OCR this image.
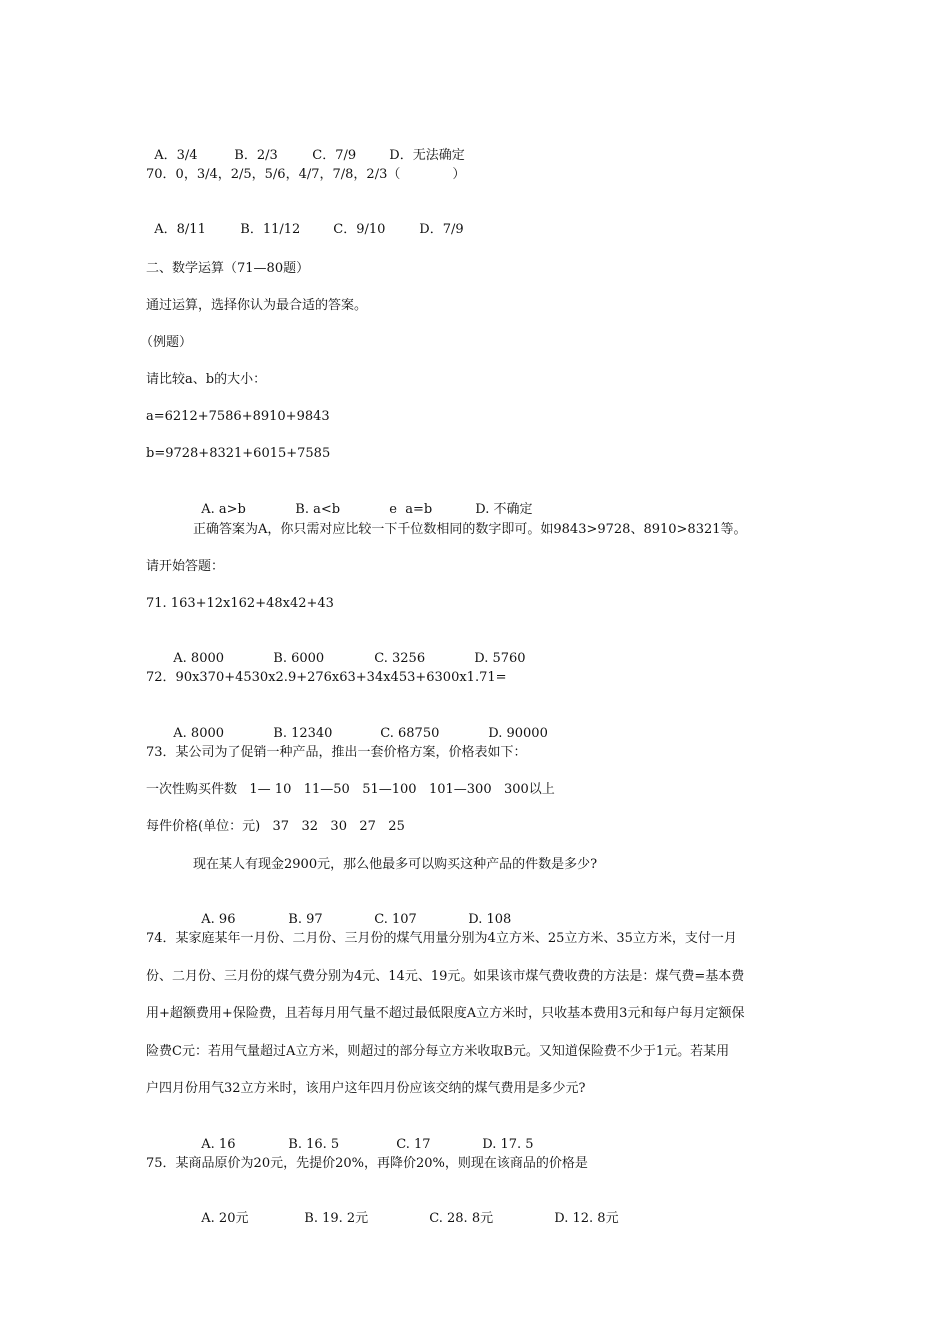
A．3/4	B．2/3	C．7/9	D．无法确定

70．0，3/4，2/5，5/6，4/7，7/8，2/3（　　　　）

A．8/11	B．11/12	C．9/10	D．7/9

二、数学运算（71—80题）
通过运算，选择你认为最合适的答案。
（例题）
请比较a、b的大小：
a=6212+7586+8910+9843
b=9728+8321+6015+7585

A. a>b	B. a<b	e  a=b	D. 不确定

正确答案为A，你只需对应比较一下千位数相同的数字即可。如9843>9728、8910>8321等。
请开始答题：
71. 163+12x162+48x42+43

A. 8000	B. 6000	C. 3256	D. 5760

72．90x370+4530x2.9+276x63+34x453+6300x1.71=

A. 8000	B. 12340	C. 68750	D. 90000

73．某公司为了促销一种产品，推出一套价格方案，价格表如下：
一次性购买件数   1— 10   11—50   51—100   101—300   300以上
每件价格(单位：元)   37   32   30   27   25
现在某人有现金2900元，那么他最多可以购买这种产品的件数是多少?

A. 96	B. 97	C. 107	D. 108

74．某家庭某年一月份、二月份、三月份的煤气用量分别为4立方米、25立方米、35立方米，支付一月
份、二月份、三月份的煤气费分别为4元、14元、19元。如果该市煤气费收费的方法是：煤气费=基本费
用+超额费用+保险费，且若每月用气量不超过最低限度A立方米时，只收基本费用3元和每户每月定额保
险费C元：若用气量超过A立方米，则超过的部分每立方米收取B元。又知道保险费不少于1元。若某用
户四月份用气32立方米时，该用户这年四月份应该交纳的煤气费用是多少元?

A. 16	B. 16. 5	C. 17	D. 17. 5

75．某商品原价为20元，先提价20%，再降价20%，则现在该商品的价格是

A. 20元	B. 19. 2元	C. 28. 8元	D. 12. 8元
